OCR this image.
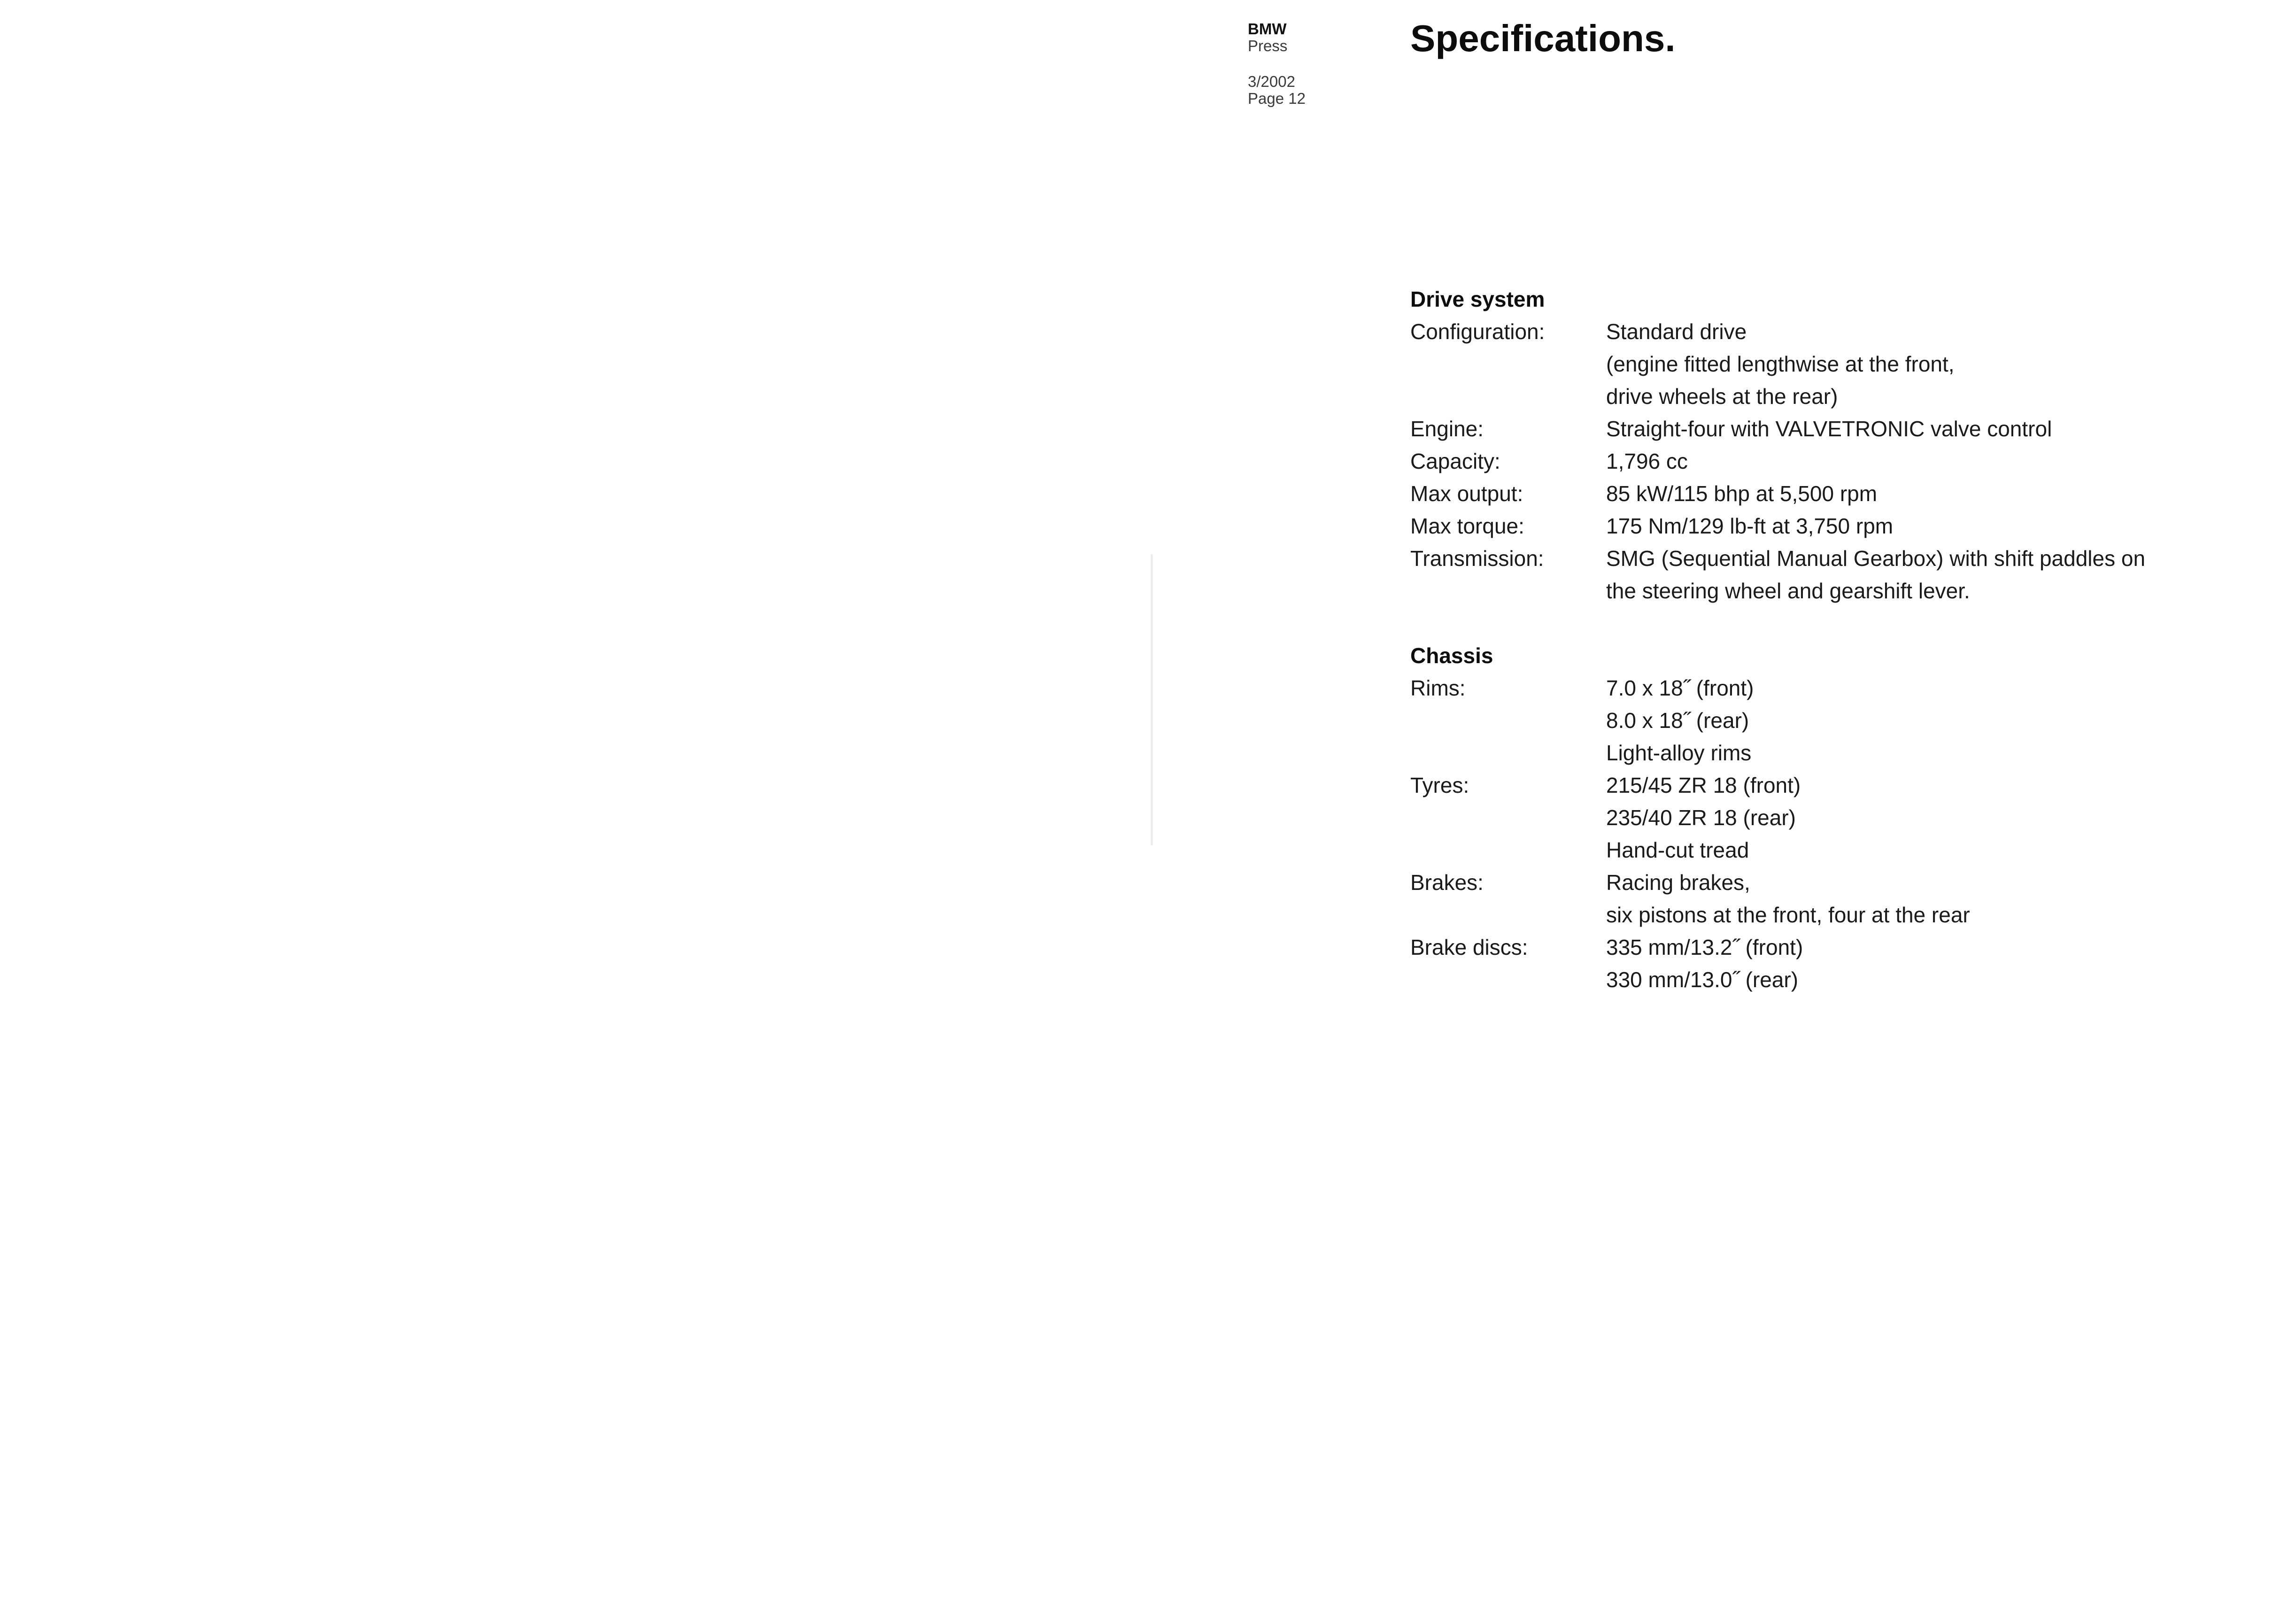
BMW
Press
3/2002
Page 12
Specifications.
Drive system
Configuration:	Standard drive
(engine fitted lengthwise at the front,
drive wheels at the rear)
Engine:	Straight-four with VALVETRONIC valve control
Capacity:	1,796 cc
Max output:	85 kW/115 bhp at 5,500 rpm
Max torque:	175 Nm/129 lb-ft at 3,750 rpm
Transmission:	SMG (Sequential Manual Gearbox) with shift paddles on
the steering wheel and gearshift lever.
Chassis
Rims:	7.0 x 18˝ (front)
8.0 x 18˝ (rear)
Light-alloy rims
Tyres:	215/45 ZR 18 (front)
235/40 ZR 18 (rear)
Hand-cut tread
Brakes:	Racing brakes,
six pistons at the front, four at the rear
Brake discs:	335 mm/13.2˝ (front)
330 mm/13.0˝ (rear)
